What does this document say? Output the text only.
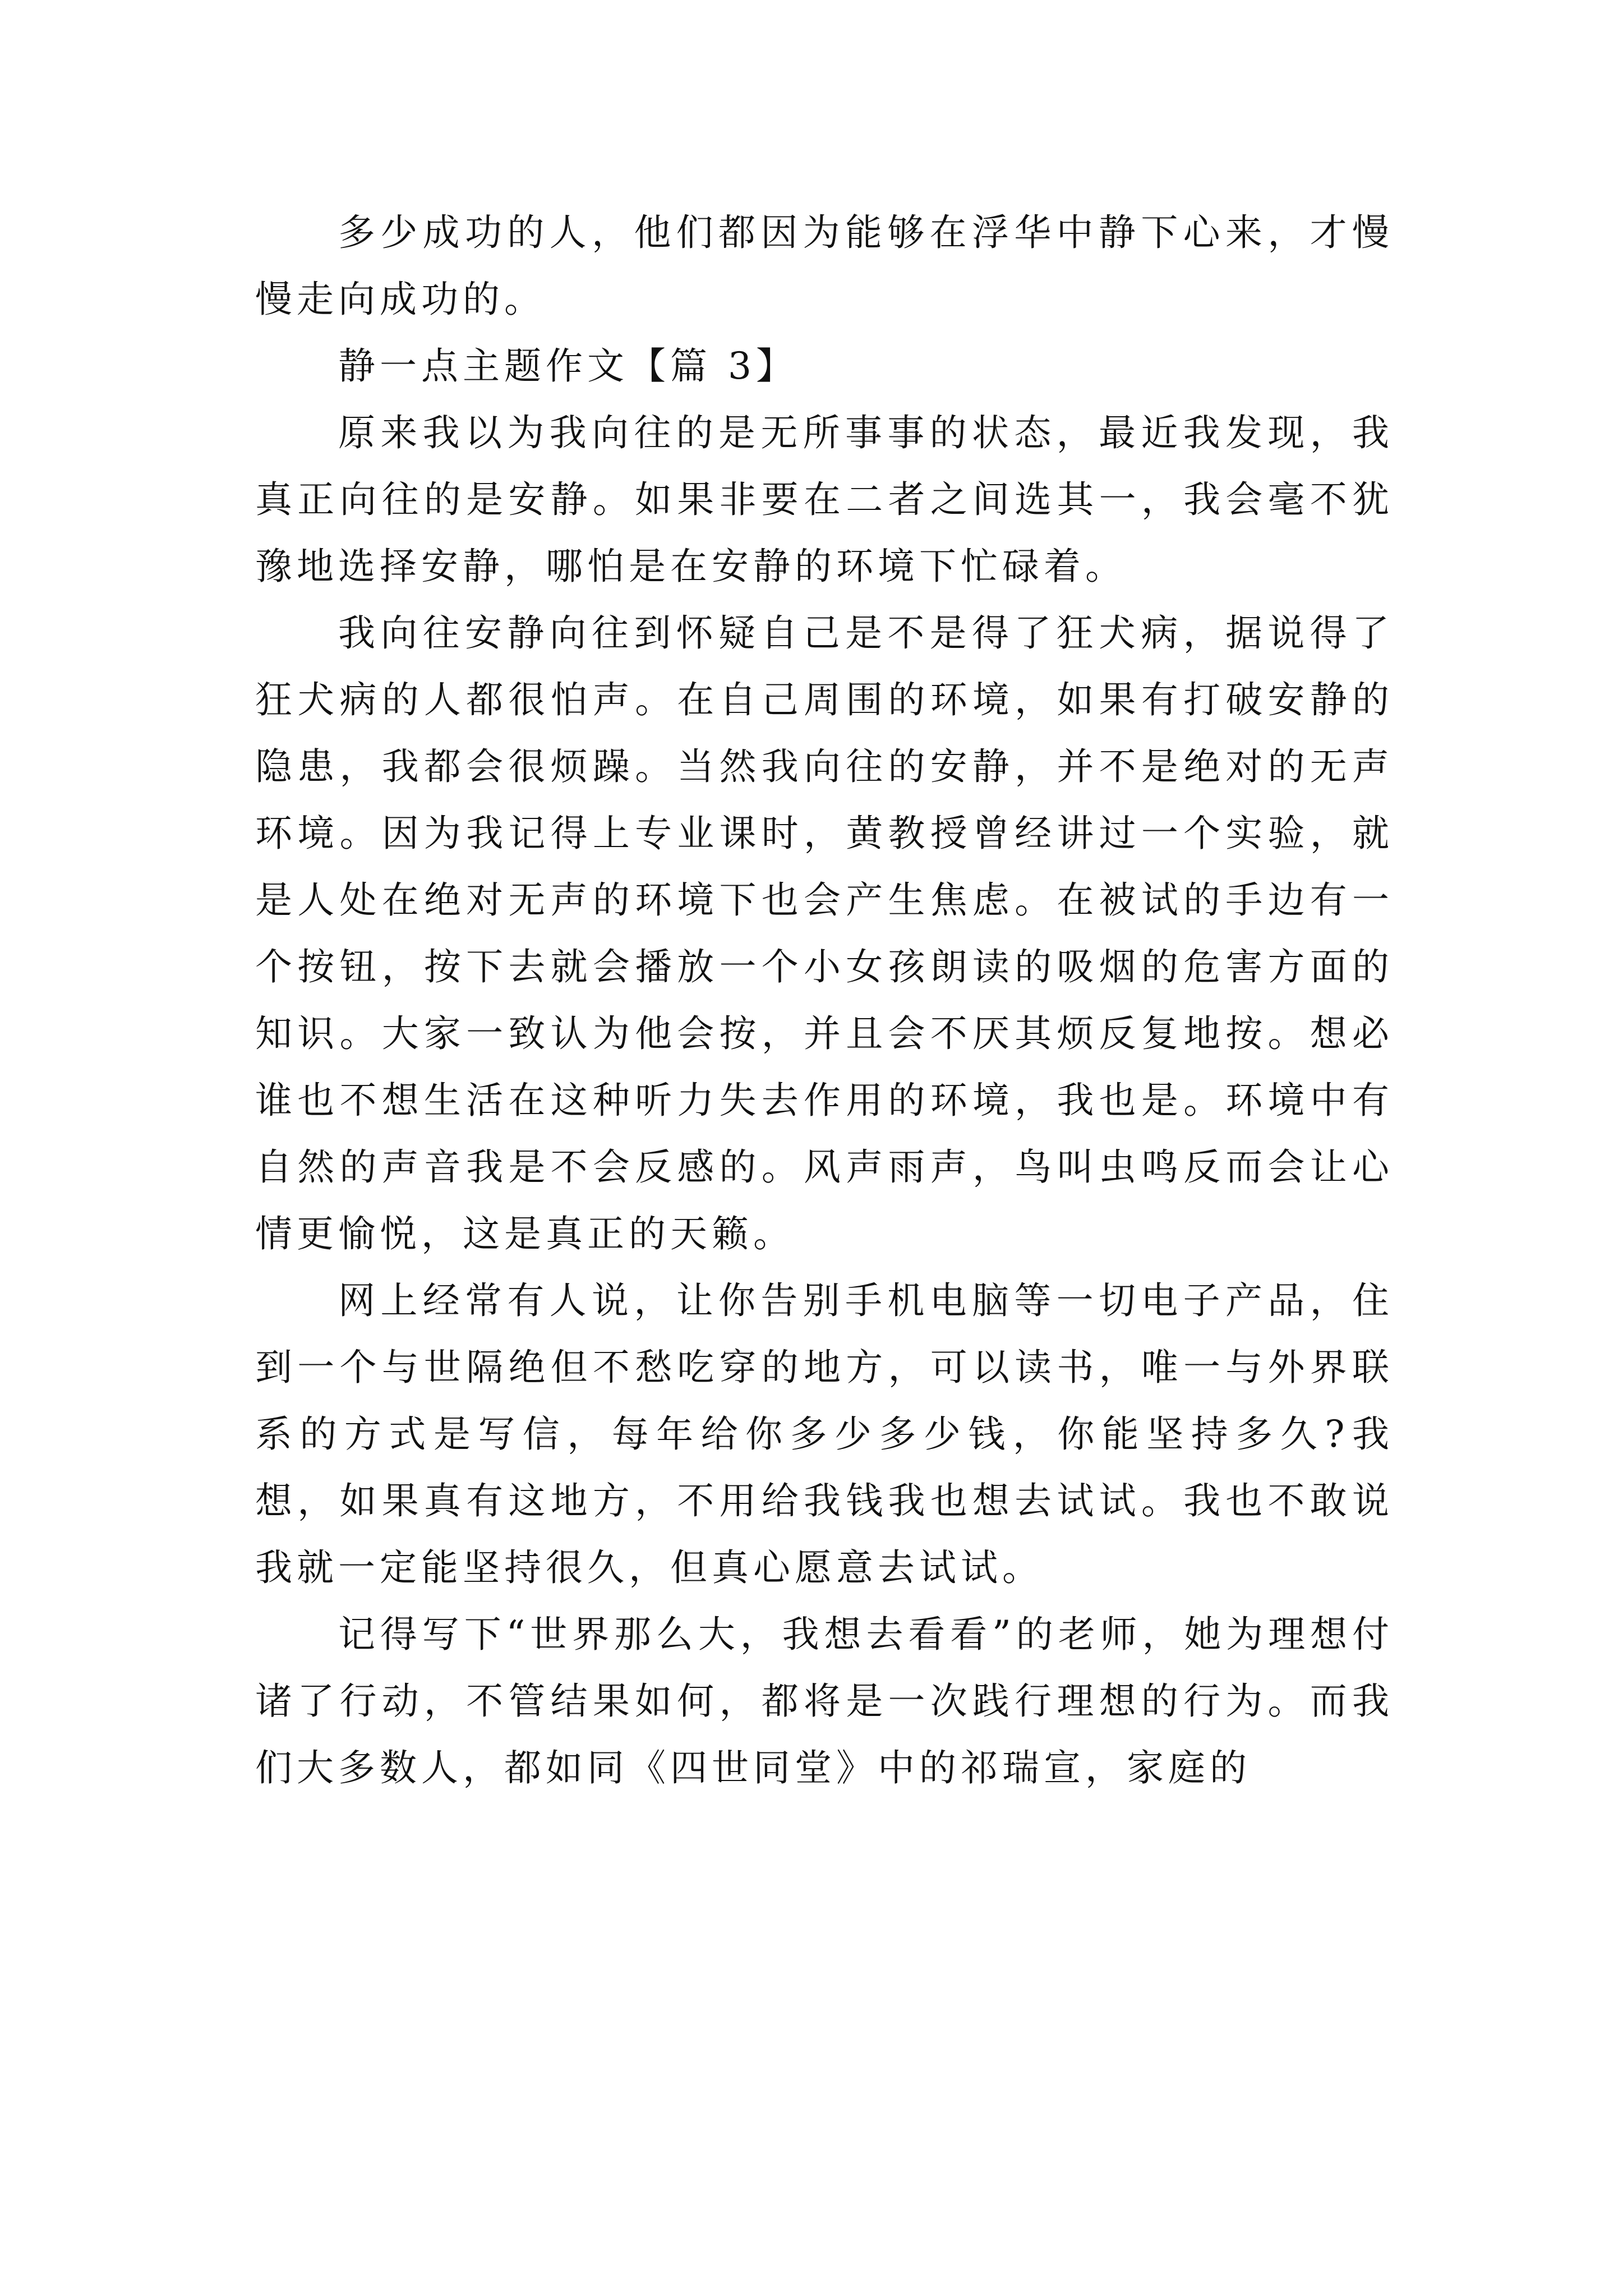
多少成功的人，他们都因为能够在浮华中静下心来，才慢慢走向成功的。

静一点主题作文【篇 3】

原来我以为我向往的是无所事事的状态，最近我发现，我真正向往的是安静。如果非要在二者之间选其一，我会毫不犹豫地选择安静，哪怕是在安静的环境下忙碌着。

我向往安静向往到怀疑自己是不是得了狂犬病，据说得了狂犬病的人都很怕声。在自己周围的环境，如果有打破安静的隐患，我都会很烦躁。当然我向往的安静，并不是绝对的无声环境。因为我记得上专业课时，黄教授曾经讲过一个实验，就是人处在绝对无声的环境下也会产生焦虑。在被试的手边有一个按钮，按下去就会播放一个小女孩朗读的吸烟的危害方面的知识。大家一致认为他会按，并且会不厌其烦反复地按。想必谁也不想生活在这种听力失去作用的环境，我也是。环境中有自然的声音我是不会反感的。风声雨声，鸟叫虫鸣反而会让心情更愉悦，这是真正的天籁。

网上经常有人说，让你告别手机电脑等一切电子产品，住到一个与世隔绝但不愁吃穿的地方，可以读书，唯一与外界联系的方式是写信，每年给你多少多少钱，你能坚持多久?我想，如果真有这地方，不用给我钱我也想去试试。我也不敢说我就一定能坚持很久，但真心愿意去试试。

记得写下“世界那么大，我想去看看”的老师，她为理想付诸了行动，不管结果如何，都将是一次践行理想的行为。而我们大多数人，都如同《四世同堂》中的祁瑞宣，家庭的
